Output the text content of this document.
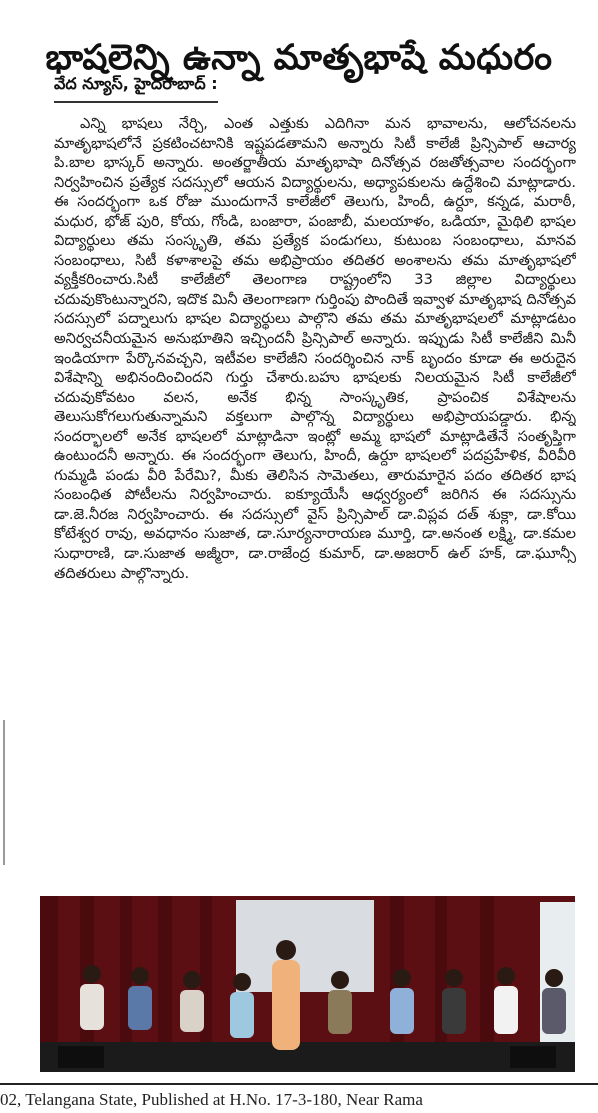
భాషలెన్ని ఉన్నా మాతృభాషే మధురం
వేద న్యూస్, హైదరాబాద్ :

ఎన్ని భాషలు నేర్చి, ఎంత ఎత్తుకు ఎదిగినా మన భావాలను, ఆలోచనలను మాతృభాషలోనే ప్రకటించటానికి ఇష్టపడతామని అన్నారు సిటీ కాలేజీ ప్రిన్సిపాల్ ఆచార్య పి.బాల భాస్కర్ అన్నారు. అంతర్జాతీయ మాతృభాషా దినోత్సవ రజతోత్సవాల సందర్భంగా నిర్వహించిన ప్రత్యేక సదస్సులో ఆయన విద్యార్థులను, అధ్యాపకులను ఉద్దేశించి మాట్లాడారు. ఈ సందర్భంగా ఒక రోజు ముందుగానే కాలేజీలో తెలుగు, హిందీ, ఉర్దూ, కన్నడ, మరాఠీ, మధుర, భోజ్ పురి, కోయ, గోండి, బంజారా, పంజాబీ, మలయాళం, ఒడియా, మైథిలి భాషల విద్యార్థులు తమ సంస్కృతి, తమ ప్రత్యేక పండుగలు, కుటుంబ సంబంధాలు, మానవ సంబంధాలు, సిటీ కళాశాలపై తమ అభిప్రాయం తదితర అంశాలను తమ మాతృభాషలో వ్యక్తీకరించారు.సిటీ కాలేజీలో తెలంగాణ రాష్ట్రంలోని 33 జిల్లాల విద్యార్థులు చదువుకొంటున్నారని, ఇదొక మినీ తెలంగాణగా గుర్తింపు పొందితే ఇవ్వాళ మాతృభాష దినోత్సవ సదస్సులో పద్నాలుగు భాషల విద్యార్థులు పాల్గొని తమ తమ మాతృభాషలలో మాట్లాడటం అనిర్వచనీయమైన అనుభూతిని ఇచ్చిందనీ ప్రిన్సిపాల్ అన్నారు. ఇప్పుడు సిటీ కాలేజీని మినీ ఇండియాగా పేర్కొనవచ్చని, ఇటీవల కాలేజీని సందర్శించిన నాక్ బృందం కూడా ఈ అరుదైన విశేషాన్ని అభినందించిందని గుర్తు చేశారు.బహు భాషలకు నిలయమైన సిటీ కాలేజీలో చదువుకోవటం వలన, అనేక భిన్న సాంస్కృతిక, ప్రాపంచిక విశేషాలను తెలుసుకోగలుగుతున్నామని వక్తలుగా పాల్గొన్న విద్యార్థులు అభిప్రాయపడ్డారు. భిన్న సందర్భాలలో అనేక భాషలలో మాట్లాడినా ఇంట్లో అమ్మ భాషలో మాట్లాడితేనే సంతృప్తిగా ఉంటుందనీ అన్నారు. ఈ సందర్భంగా తెలుగు, హిందీ, ఉర్దూ భాషలలో పదప్రహేళిక, వీరివీరి గుమ్మడి పండు వీరి పేరేమి?, మీకు తెలిసిన సామెతలు, తారుమారైన పదం తదితర భాష సంబంధిత పోటీలను నిర్వహించారు. ఐక్యూయేసీ ఆధ్వర్యంలో జరిగిన ఈ సదస్సును డా.జె.నీరజ నిర్వహించారు. ఈ సదస్సులో వైస్ ప్రిన్సిపాల్ డా.విప్లవ దత్ శుక్లా, డా.కోయి కోటేశ్వర రావు, అవధానం సుజాత, డా.సూర్యనారాయణ మూర్తి, డా.అనంత లక్ష్మి, డా.కమల సుధారాణి, డా.సుజాత అజ్మీరా, డా.రాజేంద్ర కుమార్, డా.అజరార్ ఉల్ హక్, డా.ఘూన్సీ తదితరులు పాల్గొన్నారు.

02, Telangana State, Published at H.No. 17-3-180, Near Rama
